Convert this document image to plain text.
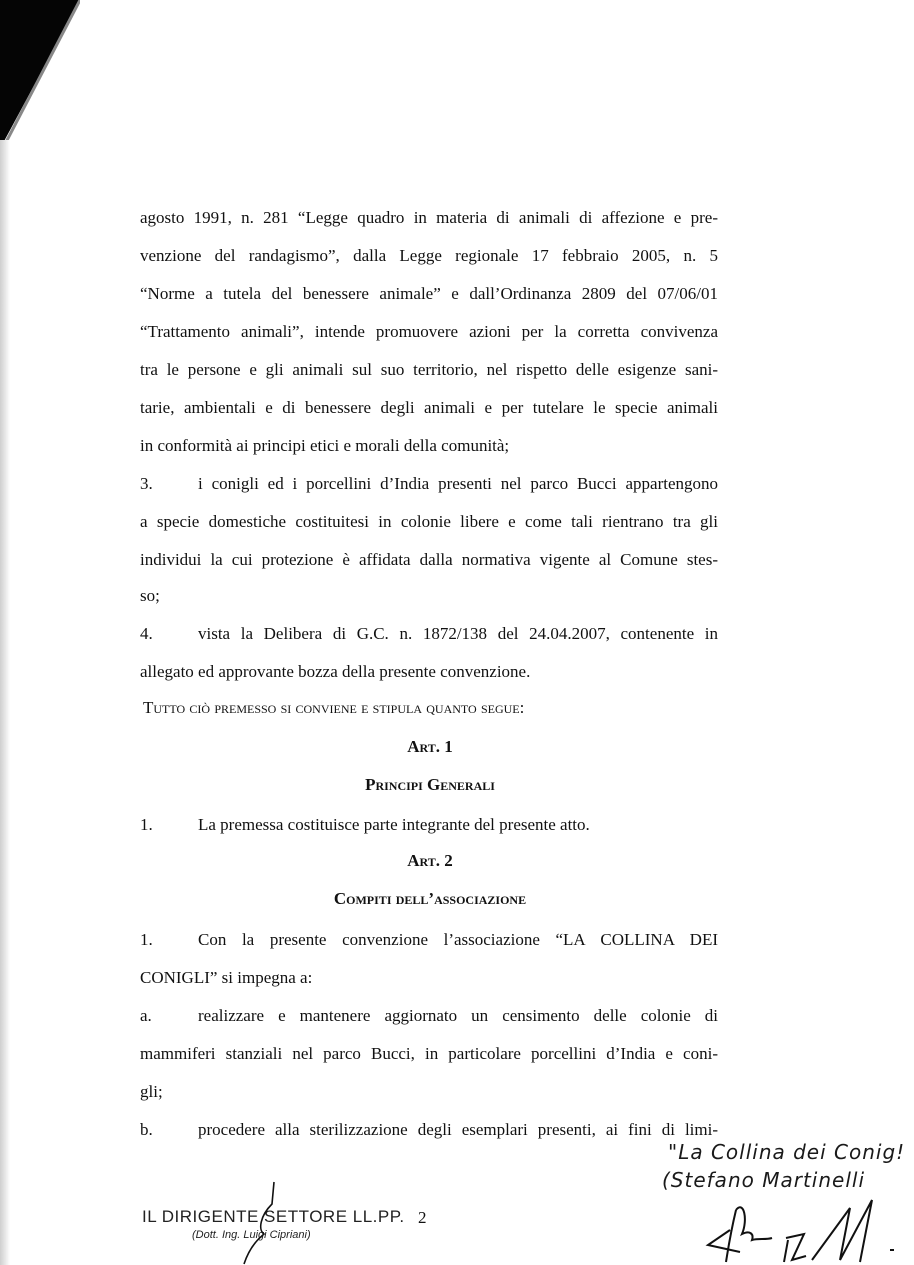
agosto 1991, n. 281 “Legge quadro in materia di animali di affezione e pre-
venzione del randagismo”, dalla Legge regionale 17 febbraio 2005, n. 5
“Norme a tutela del benessere animale” e dall’Ordinanza 2809 del 07/06/01
“Trattamento animali”, intende promuovere azioni per la corretta convivenza
tra le persone e gli animali sul suo territorio, nel rispetto delle esigenze sani-
tarie, ambientali e di benessere degli animali e per tutelare le specie animali
in conformità ai principi etici e morali della comunità;
3.	i conigli ed i porcellini d’India presenti nel parco Bucci appartengono
a specie domestiche costituitesi in colonie libere e come tali rientrano tra gli
individui la cui protezione è affidata dalla normativa vigente al Comune stes-
so;
4.	vista la Delibera di G.C. n. 1872/138 del 24.04.2007, contenente in
allegato ed approvante bozza della presente convenzione.
Tutto ciò premesso si conviene e stipula quanto segue:
Art. 1
Principi Generali
1.	La premessa costituisce parte integrante del presente atto.
Art. 2
Compiti dell’associazione
1.	Con la presente convenzione l’associazione “LA COLLINA DEI
CONIGLI” si impegna a:
a.	realizzare e mantenere aggiornato un censimento delle colonie di
mammiferi stanziali nel parco Bucci, in particolare porcellini d’India e coni-
gli;
b.	procedere alla sterilizzazione degli esemplari presenti, ai fini di limi-
"La Collina dei Conig!
(Stefano Martinelli
IL DIRIGENTE SETTORE LL.PP.
(Dott. Ing. Luigi Cipriani)
2
